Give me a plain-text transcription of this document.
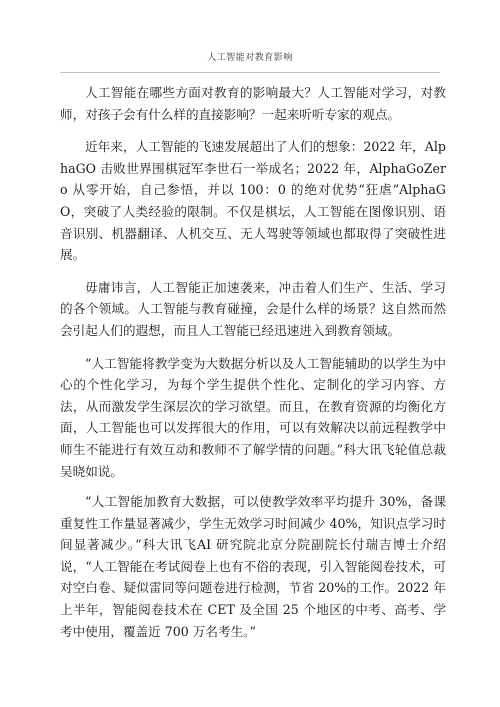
人工智能对教育影响

人工智能在哪些方面对教育的影响最大？人工智能对学习，对教师，对孩子会有什么样的直接影响？一起来听听专家的观点。

近年来，人工智能的飞速发展超出了人们的想象：2022 年，AlphaGO 击败世界围棋冠军李世石一举成名；2022 年，AlphaGoZero 从零开始，自己参悟，并以 100：0 的绝对优势“狂虐”AlphaGO，突破了人类经验的限制。不仅是棋坛，人工智能在图像识别、语音识别、机器翻译、人机交互、无人驾驶等领域也都取得了突破性进展。

毋庸讳言，人工智能正加速袭来，冲击着人们生产、生活、学习的各个领域。人工智能与教育碰撞，会是什么样的场景？这自然而然会引起人们的遐想，而且人工智能已经迅速进入到教育领域。

“人工智能将教学变为大数据分析以及人工智能辅助的以学生为中心的个性化学习，为每个学生提供个性化、定制化的学习内容、方法，从而激发学生深层次的学习欲望。而且，在教育资源的均衡化方面，人工智能也可以发挥很大的作用，可以有效解决以前远程教学中师生不能进行有效互动和教师不了解学情的问题。”科大讯飞轮值总裁吴晓如说。

“人工智能加教育大数据，可以使教学效率平均提升 30%，备课重复性工作量显著减少，学生无效学习时间减少 40%，知识点学习时间显著减少。”科大讯飞AI 研究院北京分院副院长付瑞吉博士介绍说，“人工智能在考试阅卷上也有不俗的表现，引入智能阅卷技术，可对空白卷、疑似雷同等问题卷进行检测，节省 20%的工作。2022 年上半年，智能阅卷技术在 CET 及全国 25 个地区的中考、高考、学考中使用，覆盖近 700 万名考生。”
